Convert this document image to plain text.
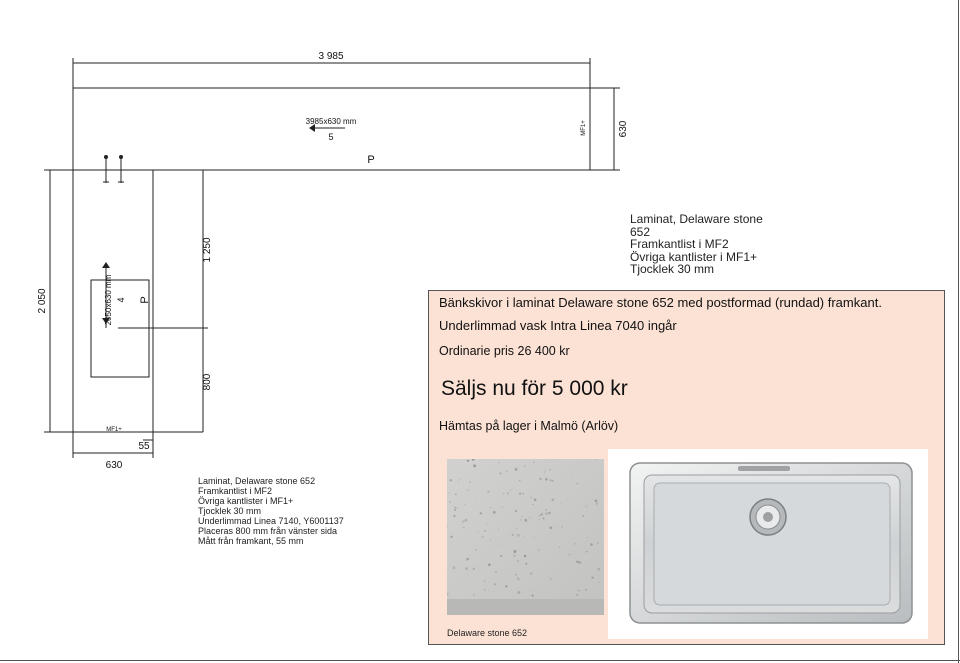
3 985
3985x630 mm
5
P
630
MF1+
2 050
1 250
800
2050x630 mm 4 P
MF1+
630
55
Laminat, Delaware stone
652
Framkantlist i MF2
Övriga kantlister i MF1+
Tjocklek 30 mm
Laminat, Delaware stone 652
Framkantlist i MF2
Övriga kantlister i MF1+
Tjocklek 30 mm
Underlimmad Linea 7140, Y6001137
Placeras 800 mm från vänster sida
Mått från framkant, 55 mm
Bänkskivor i laminat Delaware stone 652 med postformad (rundad) framkant.
Underlimmad vask Intra Linea 7040 ingår
Ordinarie pris 26 400 kr
Säljs nu för 5 000 kr
Hämtas på lager i Malmö (Arlöv)
Delaware stone 652
